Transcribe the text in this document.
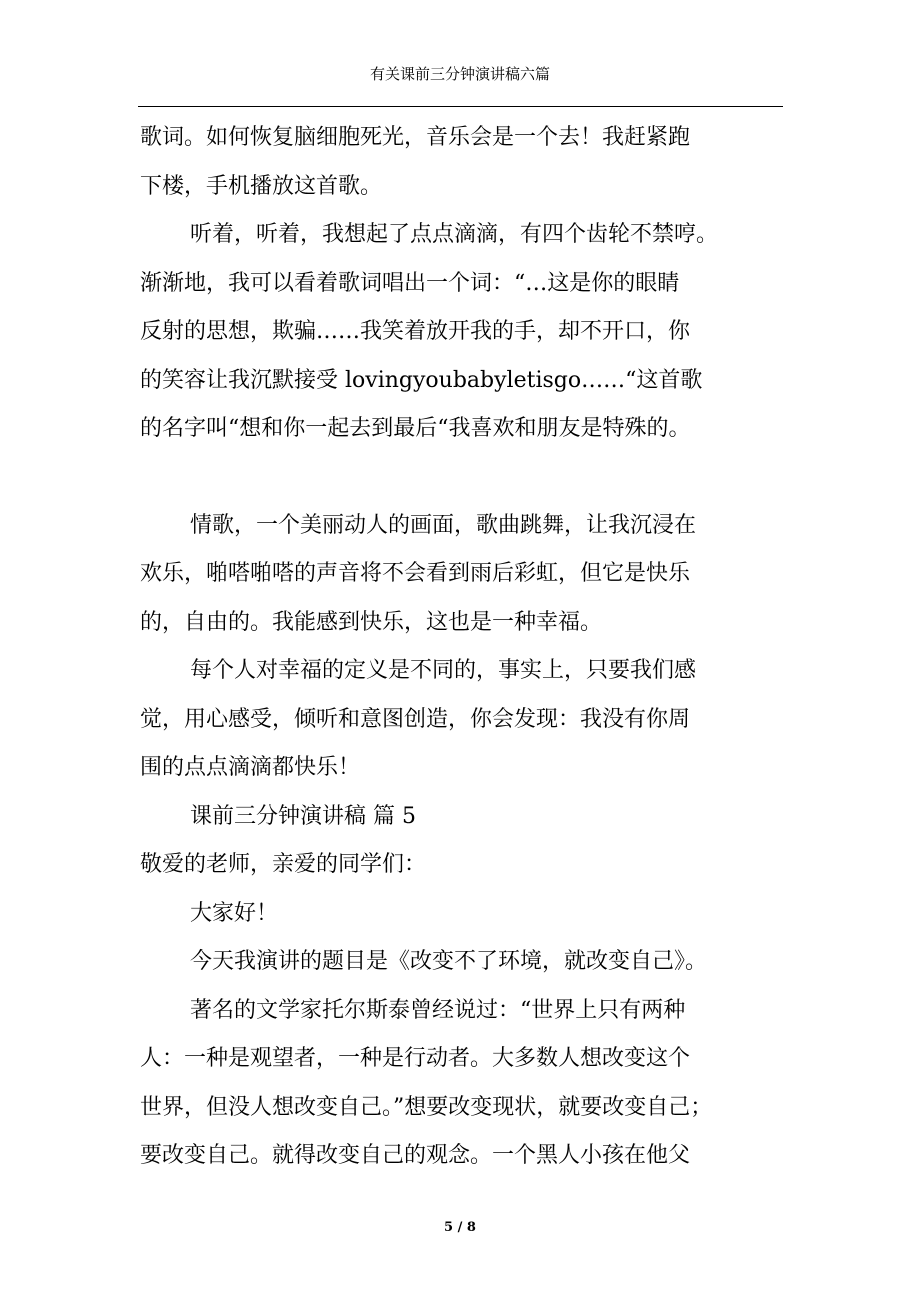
有关课前三分钟演讲稿六篇
歌词。如何恢复脑细胞死光，音乐会是一个去！我赶紧跑
下楼，手机播放这首歌。
听着，听着，我想起了点点滴滴，有四个齿轮不禁哼。
渐渐地，我可以看着歌词唱出一个词：“…这是你的眼睛
反射的思想，欺骗……我笑着放开我的手，却不开口，你
的笑容让我沉默接受 lovingyoubabyletisgo……“这首歌
的名字叫“想和你一起去到最后“我喜欢和朋友是特殊的。
情歌，一个美丽动人的画面，歌曲跳舞，让我沉浸在
欢乐，啪嗒啪嗒的声音将不会看到雨后彩虹，但它是快乐
的，自由的。我能感到快乐，这也是一种幸福。
每个人对幸福的定义是不同的，事实上，只要我们感
觉，用心感受，倾听和意图创造，你会发现：我没有你周
围的点点滴滴都快乐！
课前三分钟演讲稿 篇 5
敬爱的老师，亲爱的同学们：
大家好！
今天我演讲的题目是《改变不了环境，就改变自己》。
著名的文学家托尔斯泰曾经说过：“世界上只有两种
人：一种是观望者，一种是行动者。大多数人想改变这个
世界，但没人想改变自己。”想要改变现状，就要改变自己；
要改变自己。就得改变自己的观念。一个黑人小孩在他父
5 / 8
